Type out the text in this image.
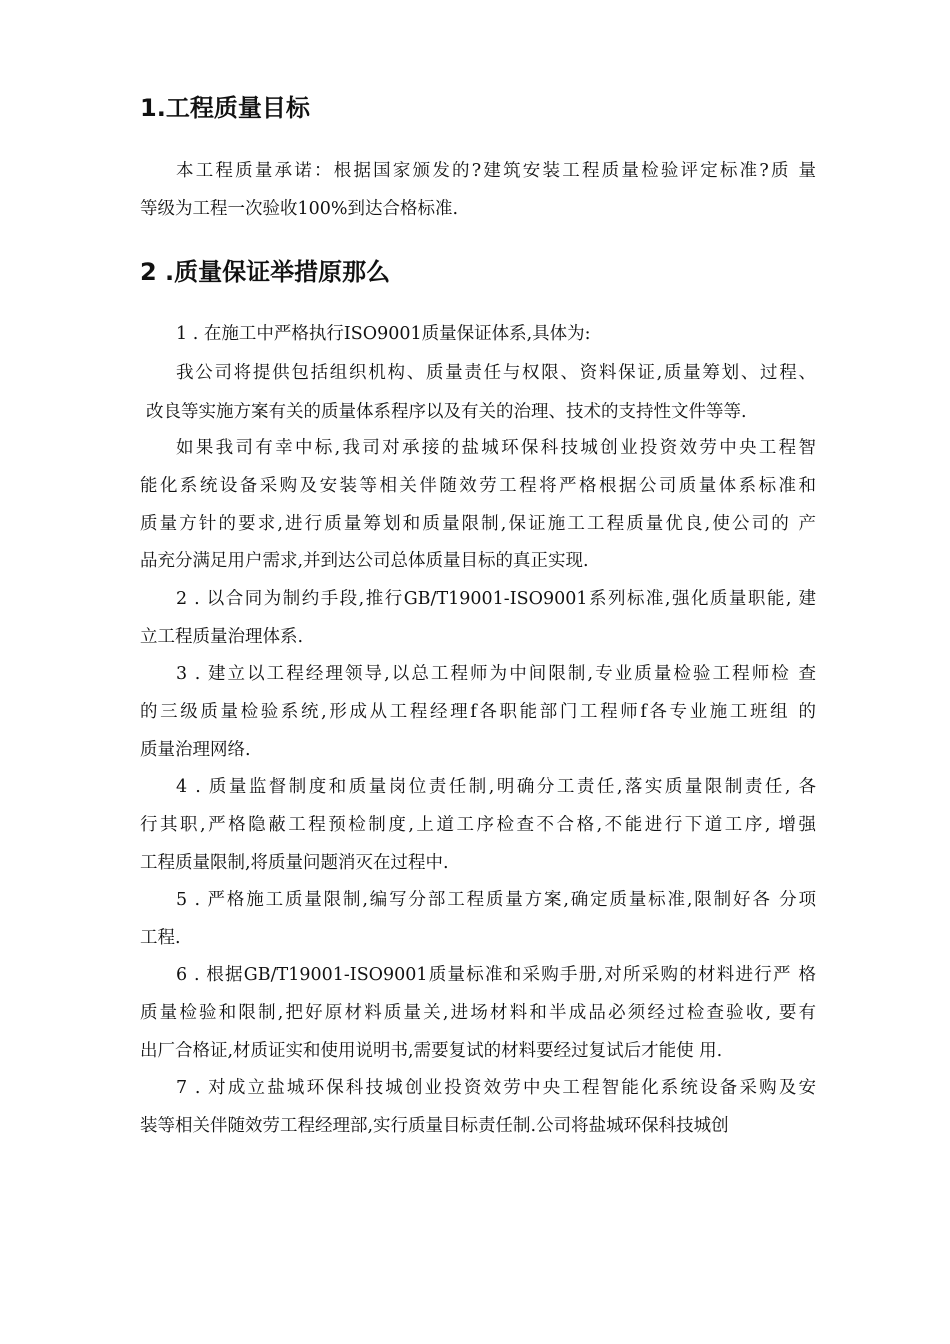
1.工程质量目标

本工程质量承诺：根据国家颁发的?建筑安装工程质量检验评定标准?质 量

等级为工程一次验收100%到达合格标准.

2 .质量保证举措原那么

1 . 在施工中严格执行ISO9001质量保证体系,具体为:

我公司将提供包括组织机构、质量责任与权限、资料保证,质量筹划、过程、

改良等实施方案有关的质量体系程序以及有关的治理、技术的支持性文件等等.

如果我司有幸中标,我司对承接的盐城环保科技城创业投资效劳中央工程智

能化系统设备采购及安装等相关伴随效劳工程将严格根据公司质量体系标准和

质量方针的要求,进行质量筹划和质量限制,保证施工工程质量优良,使公司的 产

品充分满足用户需求,并到达公司总体质量目标的真正实现.

2 . 以合同为制约手段,推行GB/T19001-ISO9001系列标准,强化质量职能, 建

立工程质量治理体系.

3 . 建立以工程经理领导,以总工程师为中间限制,专业质量检验工程师检 查

的三级质量检验系统,形成从工程经理f各职能部门工程师f各专业施工班组 的

质量治理网络.

4 . 质量监督制度和质量岗位责任制,明确分工责任,落实质量限制责任, 各

行其职,严格隐蔽工程预检制度,上道工序检查不合格,不能进行下道工序, 增强

工程质量限制,将质量问题消灭在过程中.

5 . 严格施工质量限制,编写分部工程质量方案,确定质量标准,限制好各 分项

工程.

6 . 根据GB/T19001-ISO9001质量标准和采购手册,对所采购的材料进行严 格

质量检验和限制,把好原材料质量关,进场材料和半成品必须经过检查验收, 要有

出厂合格证,材质证实和使用说明书,需要复试的材料要经过复试后才能使 用.

7 . 对成立盐城环保科技城创业投资效劳中央工程智能化系统设备采购及安

装等相关伴随效劳工程经理部,实行质量目标责任制.公司将盐城环保科技城创
